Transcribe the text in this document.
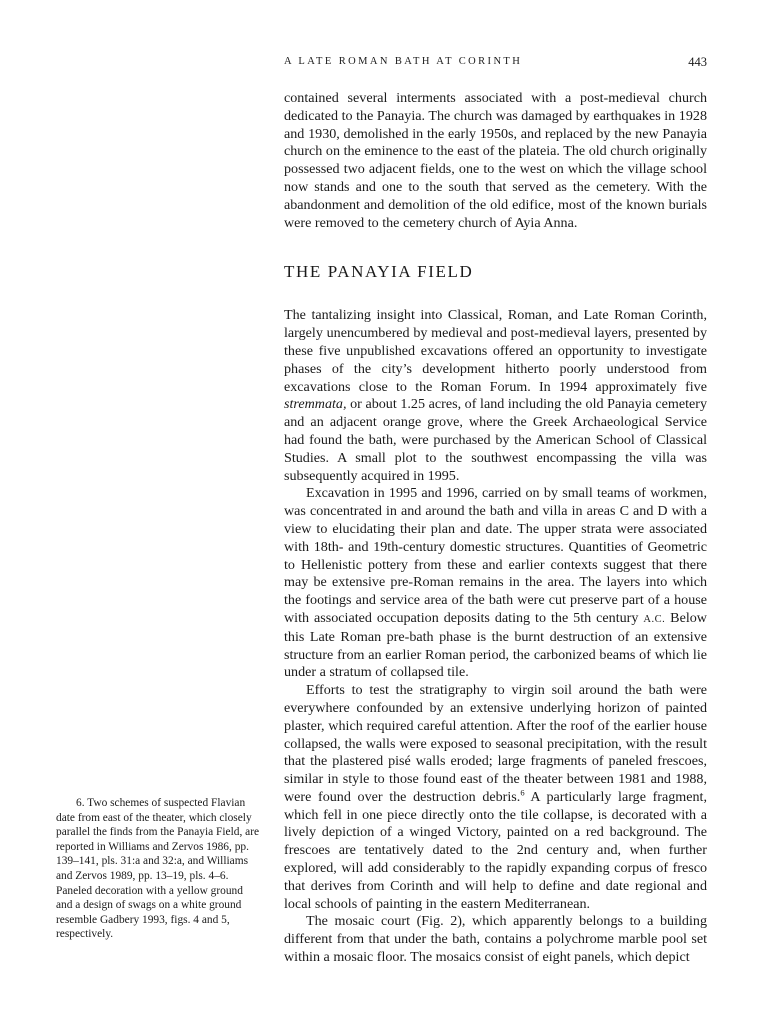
A LATE ROMAN BATH AT CORINTH	443

contained several interments associated with a post-medieval church dedicated to the Panayia. The church was damaged by earthquakes in 1928 and 1930, demolished in the early 1950s, and replaced by the new Panayia church on the eminence to the east of the plateia. The old church originally possessed two adjacent fields, one to the west on which the village school now stands and one to the south that served as the cemetery. With the abandonment and demolition of the old edifice, most of the known burials were removed to the cemetery church of Ayia Anna.

THE PANAYIA FIELD

The tantalizing insight into Classical, Roman, and Late Roman Corinth, largely unencumbered by medieval and post-medieval layers, presented by these five unpublished excavations offered an opportunity to investigate phases of the city’s development hitherto poorly understood from excavations close to the Roman Forum. In 1994 approximately five stremmata, or about 1.25 acres, of land including the old Panayia cemetery and an adjacent orange grove, where the Greek Archaeological Service had found the bath, were purchased by the American School of Classical Studies. A small plot to the southwest encompassing the villa was subsequently acquired in 1995.

Excavation in 1995 and 1996, carried on by small teams of workmen, was concentrated in and around the bath and villa in areas C and D with a view to elucidating their plan and date. The upper strata were associated with 18th- and 19th-century domestic structures. Quantities of Geometric to Hellenistic pottery from these and earlier contexts suggest that there may be extensive pre-Roman remains in the area. The layers into which the footings and service area of the bath were cut preserve part of a house with associated occupation deposits dating to the 5th century A.C. Below this Late Roman pre-bath phase is the burnt destruction of an extensive structure from an earlier Roman period, the carbonized beams of which lie under a stratum of collapsed tile.

Efforts to test the stratigraphy to virgin soil around the bath were everywhere confounded by an extensive underlying horizon of painted plaster, which required careful attention. After the roof of the earlier house collapsed, the walls were exposed to seasonal precipitation, with the result that the plastered pisé walls eroded; large fragments of paneled frescoes, similar in style to those found east of the theater between 1981 and 1988, were found over the destruction debris.$^6$ A particularly large fragment, which fell in one piece directly onto the tile collapse, is decorated with a lively depiction of a winged Victory, painted on a red background. The frescoes are tentatively dated to the 2nd century and, when further explored, will add considerably to the rapidly expanding corpus of fresco that derives from Corinth and will help to define and date regional and local schools of painting in the eastern Mediterranean.

The mosaic court (Fig. 2), which apparently belongs to a building different from that under the bath, contains a polychrome marble pool set within a mosaic floor. The mosaics consist of eight panels, which depict

6. Two schemes of suspected Flavian date from east of the theater, which closely parallel the finds from the Panayia Field, are reported in Williams and Zervos 1986, pp. 139–141, pls. 31:a and 32:a, and Williams and Zervos 1989, pp. 13–19, pls. 4–6. Paneled decoration with a yellow ground and a design of swags on a white ground resemble Gadbery 1993, figs. 4 and 5, respectively.
